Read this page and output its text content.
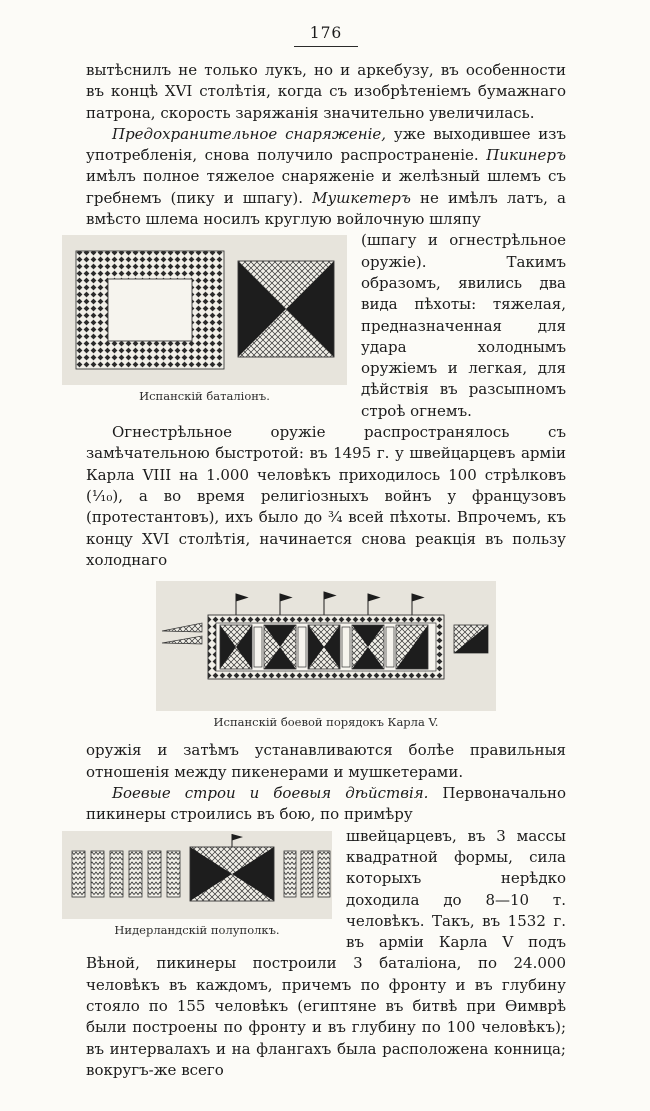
176

вытѣснилъ не только лукъ, но и аркебузу, въ особенности въ концѣ XVI столѣтія, когда съ изобрѣтеніемъ бумажнаго патрона, скорость заряжанія значительно увеличилась.

Предохранительное снаряженіе, уже выходившее изъ употребленія, снова получило распространеніе. Пикинеръ имѣлъ полное тяжелое снаряженіе и желѣзный шлемъ съ гребнемъ (пику и шпагу). Мушкетеръ не имѣлъ латъ, а вмѣсто шлема носилъ круглую войлочную шляпу

Испанскій баталіонъ.

(шпагу и огнестрѣльное оружіе). Такимъ образомъ, явились два вида пѣхоты: тяжелая, предназначенная для удара холоднымъ оружіемъ и легкая, для дѣйствія въ разсыпномъ строѣ огнемъ.

Огнестрѣльное оружіе распространялось съ замѣчательною быстротой: въ 1495 г. у швейцарцевъ арміи Карла VIII на 1.000 человѣкъ приходилось 100 стрѣлковъ (¹⁄₁₀), а во время религіозныхъ войнъ у французовъ (протестантовъ), ихъ было до ³⁄₄ всей пѣхоты. Впрочемъ, къ концу XVI столѣтія, начинается снова реакція въ пользу холоднаго

Испанскій боевой порядокъ Карла V.

оружія и затѣмъ устанавливаются болѣе правильныя отношенія между пикенерами и мушкетерами.

Боевые строи и боевыя дѣйствія. Первоначально пикинеры строились въ бою, по примѣру

Нидерландскій полуполкъ.

швейцарцевъ, въ 3 массы квадратной формы, сила которыхъ нерѣдко доходила до 8—10 т. человѣкъ. Такъ, въ 1532 г. въ арміи Карла V подъ Вѣной, пикинеры построили 3 баталіона, по 24.000 человѣкъ въ каждомъ, причемъ по фронту и въ глубину стояло по 155 человѣкъ (египтяне въ битвѣ при Ѳимврѣ были построены по фронту и въ глубину по 100 человѣкъ); въ интервалахъ и на флангахъ была расположена конница; вокругъ-же всего
